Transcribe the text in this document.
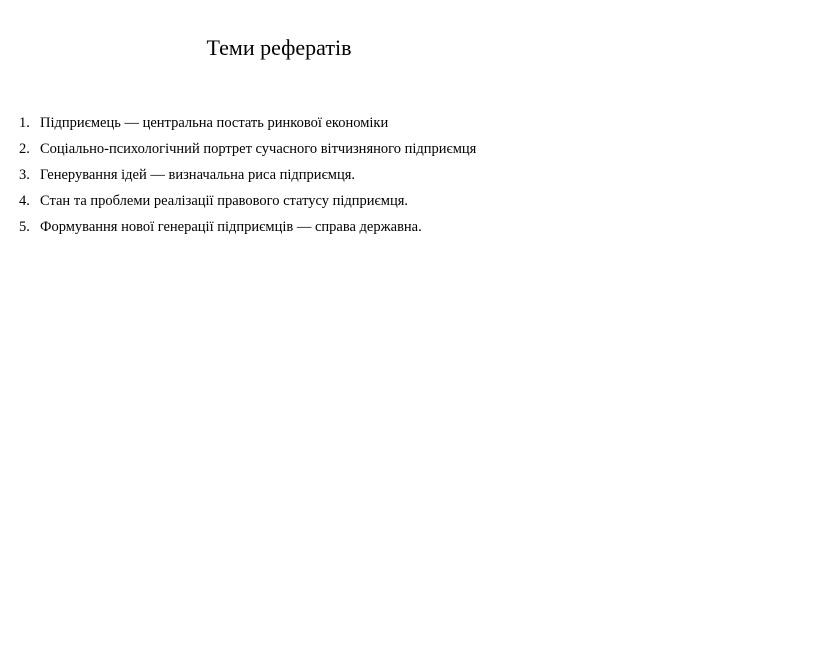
Теми рефератів
1. Підприємець — центральна постать ринкової економіки
2. Соціально-психологічний портрет сучасного вітчизняного підприємця
3. Генерування ідей — визначальна риса підприємця.
4. Стан та проблеми реалізації правового статусу підприємця.
5. Формування нової генерації підприємців — справа державна.
